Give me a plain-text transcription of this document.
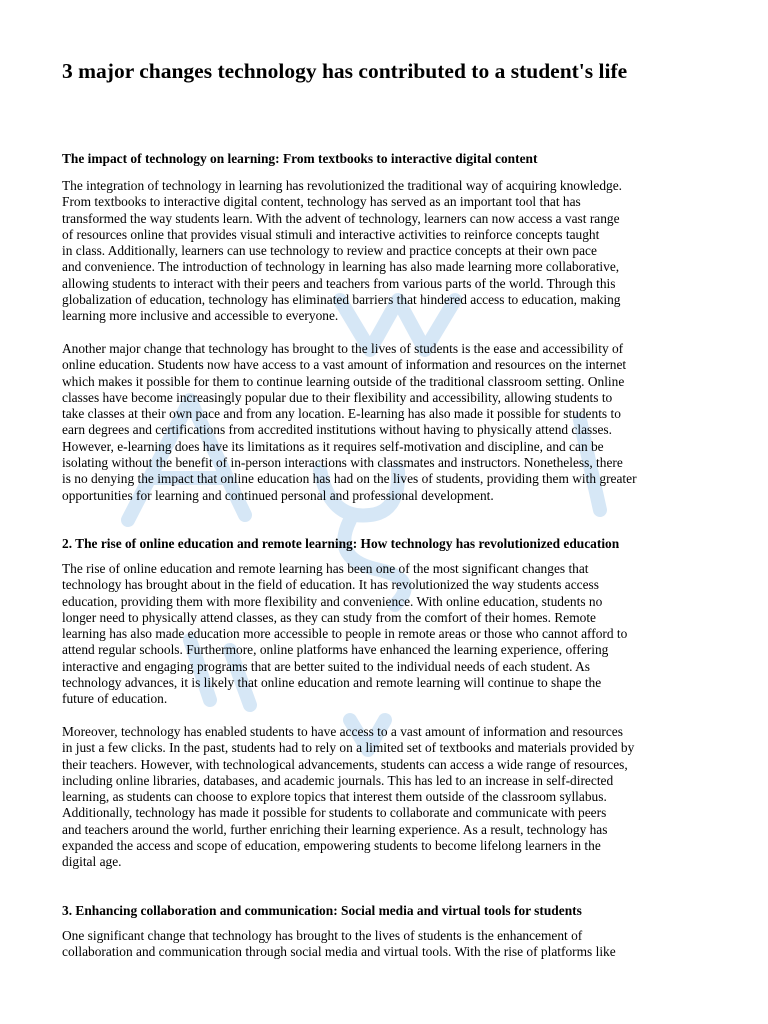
3 major changes technology has contributed to a student's life
The impact of technology on learning: From textbooks to interactive digital content

The integration of technology in learning has revolutionized the traditional way of acquiring knowledge.
From textbooks to interactive digital content, technology has served as an important tool that has
transformed the way students learn. With the advent of technology, learners can now access a vast range
of resources online that provides visual stimuli and interactive activities to reinforce concepts taught
in class. Additionally, learners can use technology to review and practice concepts at their own pace
and convenience. The introduction of technology in learning has also made learning more collaborative,
allowing students to interact with their peers and teachers from various parts of the world. Through this
globalization of education, technology has eliminated barriers that hindered access to education, making
learning more inclusive and accessible to everyone.

Another major change that technology has brought to the lives of students is the ease and accessibility of
online education. Students now have access to a vast amount of information and resources on the internet
which makes it possible for them to continue learning outside of the traditional classroom setting. Online
classes have become increasingly popular due to their flexibility and accessibility, allowing students to
take classes at their own pace and from any location. E-learning has also made it possible for students to
earn degrees and certifications from accredited institutions without having to physically attend classes.
However, e-learning does have its limitations as it requires self-motivation and discipline, and can be
isolating without the benefit of in-person interactions with classmates and instructors. Nonetheless, there
is no denying the impact that online education has had on the lives of students, providing them with greater
opportunities for learning and continued personal and professional development.

2. The rise of online education and remote learning: How technology has revolutionized education

The rise of online education and remote learning has been one of the most significant changes that
technology has brought about in the field of education. It has revolutionized the way students access
education, providing them with more flexibility and convenience. With online education, students no
longer need to physically attend classes, as they can study from the comfort of their homes. Remote
learning has also made education more accessible to people in remote areas or those who cannot afford to
attend regular schools. Furthermore, online platforms have enhanced the learning experience, offering
interactive and engaging programs that are better suited to the individual needs of each student. As
technology advances, it is likely that online education and remote learning will continue to shape the
future of education.

Moreover, technology has enabled students to have access to a vast amount of information and resources
in just a few clicks. In the past, students had to rely on a limited set of textbooks and materials provided by
their teachers. However, with technological advancements, students can access a wide range of resources,
including online libraries, databases, and academic journals. This has led to an increase in self-directed
learning, as students can choose to explore topics that interest them outside of the classroom syllabus.
Additionally, technology has made it possible for students to collaborate and communicate with peers
and teachers around the world, further enriching their learning experience. As a result, technology has
expanded the access and scope of education, empowering students to become lifelong learners in the
digital age.

3. Enhancing collaboration and communication: Social media and virtual tools for students

One significant change that technology has brought to the lives of students is the enhancement of
collaboration and communication through social media and virtual tools. With the rise of platforms like
